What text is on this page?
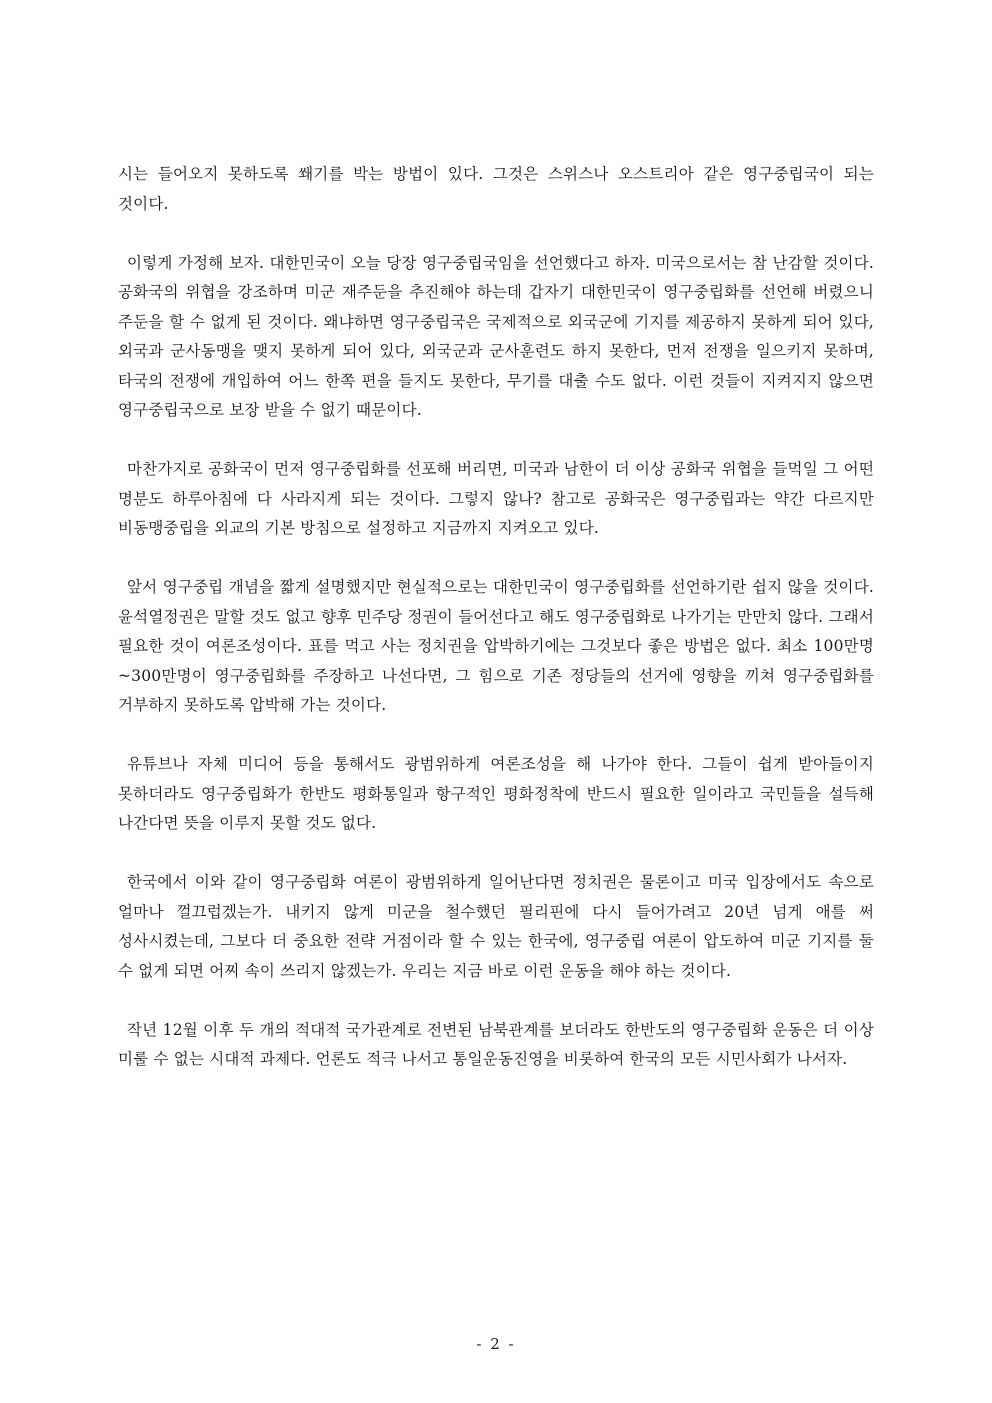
시는 들어오지 못하도록 쐐기를 박는 방법이 있다. 그것은 스위스나 오스트리아 같은 영구중립국이 되는 것이다.

이렇게 가정해 보자. 대한민국이 오늘 당장 영구중립국임을 선언했다고 하자. 미국으로서는 참 난감할 것이다. 공화국의 위협을 강조하며 미군 재주둔을 추진해야 하는데 갑자기 대한민국이 영구중립화를 선언해 버렸으니 주둔을 할 수 없게 된 것이다. 왜냐하면 영구중립국은 국제적으로 외국군에 기지를 제공하지 못하게 되어 있다, 외국과 군사동맹을 맺지 못하게 되어 있다, 외국군과 군사훈련도 하지 못한다, 먼저 전쟁을 일으키지 못하며, 타국의 전쟁에 개입하여 어느 한쪽 편을 들지도 못한다, 무기를 대출 수도 없다. 이런 것들이 지켜지지 않으면 영구중립국으로 보장 받을 수 없기 때문이다.

마찬가지로 공화국이 먼저 영구중립화를 선포해 버리면, 미국과 남한이 더 이상 공화국 위협을 들먹일 그 어떤 명분도 하루아침에 다 사라지게 되는 것이다. 그렇지 않나? 참고로 공화국은 영구중립과는 약간 다르지만 비동맹중립을 외교의 기본 방침으로 설정하고 지금까지 지켜오고 있다.

앞서 영구중립 개념을 짧게 설명했지만 현실적으로는 대한민국이 영구중립화를 선언하기란 쉽지 않을 것이다. 윤석열정권은 말할 것도 없고 향후 민주당 정권이 들어선다고 해도 영구중립화로 나가기는 만만치 않다. 그래서 필요한 것이 여론조성이다. 표를 먹고 사는 정치권을 압박하기에는 그것보다 좋은 방법은 없다. 최소 100만명~300만명이 영구중립화를 주장하고 나선다면, 그 힘으로 기존 정당들의 선거에 영향을 끼쳐 영구중립화를 거부하지 못하도록 압박해 가는 것이다.

유튜브나 자체 미디어 등을 통해서도 광범위하게 여론조성을 해 나가야 한다. 그들이 쉽게 받아들이지 못하더라도 영구중립화가 한반도 평화통일과 항구적인 평화정착에 반드시 필요한 일이라고 국민들을 설득해 나간다면 뜻을 이루지 못할 것도 없다.

한국에서 이와 같이 영구중립화 여론이 광범위하게 일어난다면 정치권은 물론이고 미국 입장에서도 속으로 얼마나 껄끄럽겠는가. 내키지 않게 미군을 철수했던 필리핀에 다시 들어가려고 20년 넘게 애를 써 성사시켰는데, 그보다 더 중요한 전략 거점이라 할 수 있는 한국에, 영구중립 여론이 압도하여 미군 기지를 둘 수 없게 되면 어찌 속이 쓰리지 않겠는가. 우리는 지금 바로 이런 운동을 해야 하는 것이다.

작년 12월 이후 두 개의 적대적 국가관계로 전변된 남북관계를 보더라도 한반도의 영구중립화 운동은 더 이상 미룰 수 없는 시대적 과제다. 언론도 적극 나서고 통일운동진영을 비롯하여 한국의 모든 시민사회가 나서자.

- 2 -
